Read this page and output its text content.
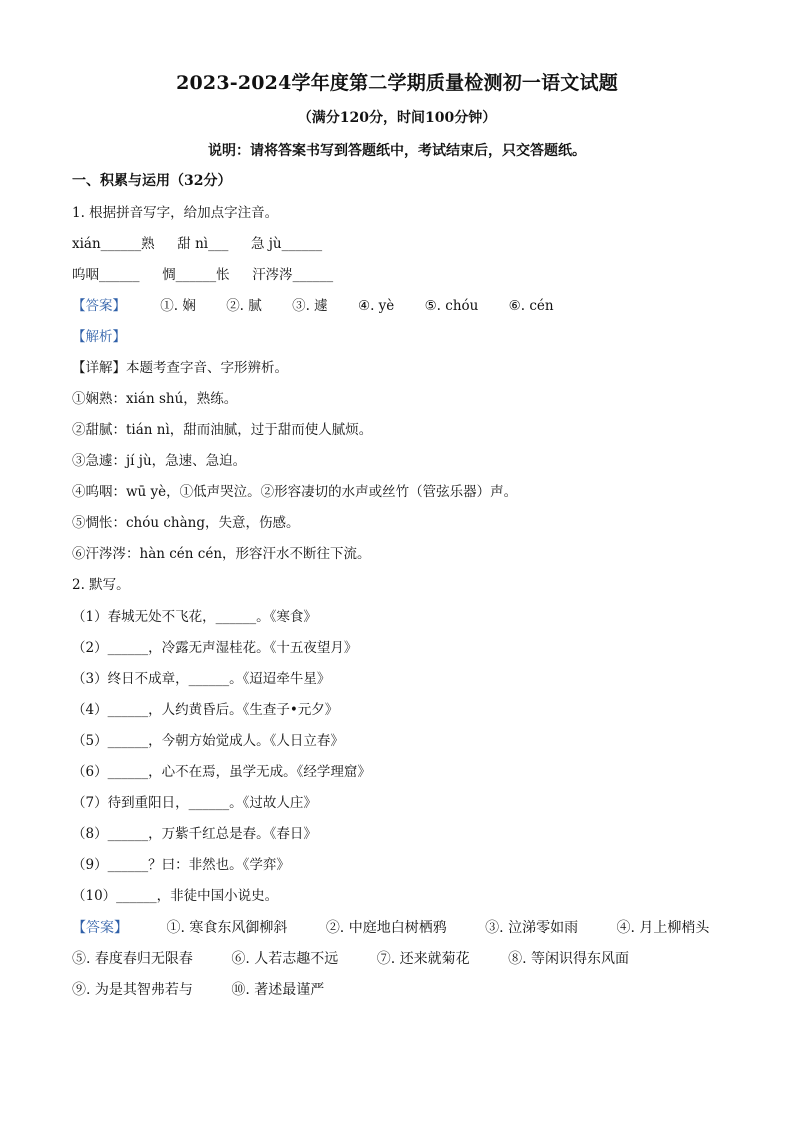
2023-2024学年度第二学期质量检测初一语文试题
（满分120分，时间100分钟）
说明：请将答案书写到答题纸中，考试结束后，只交答题纸。
一、积累与运用（32分）
1. 根据拼音写字，给加点字注音。
xián______熟 甜 nì___ 急 jù______
呜咽______ 惆______怅 汗涔涔______
【答案】	①. 娴 ②. 腻 ③. 遽 ④. yè ⑤. chóu ⑥. cén
【解析】
【详解】本题考查字音、字形辨析。
①娴熟：xián shú，熟练。
②甜腻：tián nì，甜而油腻，过于甜而使人腻烦。
③急遽：jí jù，急速、急迫。
④呜咽：wū yè，①低声哭泣。②形容凄切的水声或丝竹（管弦乐器）声。
⑤惆怅：chóu chàng，失意，伤感。
⑥汗涔涔：hàn cén cén，形容汗水不断往下流。
2. 默写。
（1）春城无处不飞花，______。《寒食》
（2）______，冷露无声湿桂花。《十五夜望月》
（3）终日不成章，______。《迢迢牵牛星》
（4）______，人约黄昏后。《生查子•元夕》
（5）______，今朝方始觉成人。《人日立春》
（6）______，心不在焉，虽学无成。《经学理窟》
（7）待到重阳日，______。《过故人庄》
（8）______，万紫千红总是春。《春日》
（9）______？曰：非然也。《学弈》
（10）______，非徒中国小说史。
【答案】	①. 寒食东风御柳斜	②. 中庭地白树栖鸦	③. 泣涕零如雨	④. 月上柳梢头 ⑤. 春度春归无限春	⑥. 人若志趣不远	⑦. 还来就菊花	⑧. 等闲识得东风面 ⑨. 为是其智弗若与	⑩. 著述最谨严
